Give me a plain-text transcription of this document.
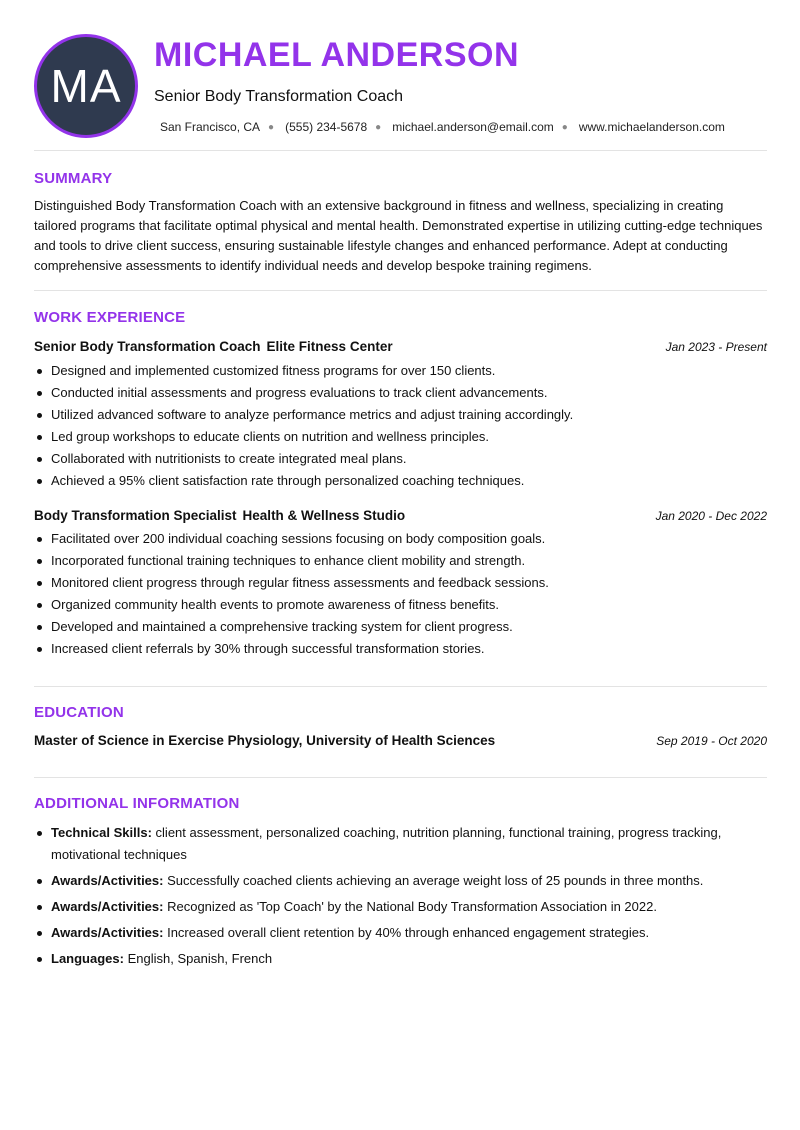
MA
MICHAEL ANDERSON
Senior Body Transformation Coach
San Francisco, CA ● (555) 234-5678 ● michael.anderson@email.com ● www.michaelanderson.com
SUMMARY

Distinguished Body Transformation Coach with an extensive background in fitness and wellness, specializing in creating tailored programs that facilitate optimal physical and mental health. Demonstrated expertise in utilizing cutting-edge techniques and tools to drive client success, ensuring sustainable lifestyle changes and enhanced performance. Adept at conducting comprehensive assessments to identify individual needs and develop bespoke training regimens.

WORK EXPERIENCE
Senior Body Transformation Coach Elite Fitness Center	Jan 2023 - Present
Designed and implemented customized fitness programs for over 150 clients.
Conducted initial assessments and progress evaluations to track client advancements.
Utilized advanced software to analyze performance metrics and adjust training accordingly.
Led group workshops to educate clients on nutrition and wellness principles.
Collaborated with nutritionists to create integrated meal plans.
Achieved a 95% client satisfaction rate through personalized coaching techniques.
Body Transformation Specialist Health & Wellness Studio	Jan 2020 - Dec 2022
Facilitated over 200 individual coaching sessions focusing on body composition goals.
Incorporated functional training techniques to enhance client mobility and strength.
Monitored client progress through regular fitness assessments and feedback sessions.
Organized community health events to promote awareness of fitness benefits.
Developed and maintained a comprehensive tracking system for client progress.
Increased client referrals by 30% through successful transformation stories.
EDUCATION
Master of Science in Exercise Physiology, University of Health Sciences	Sep 2019 - Oct 2020
ADDITIONAL INFORMATION
Technical Skills: client assessment, personalized coaching, nutrition planning, functional training, progress tracking, motivational techniques
Awards/Activities: Successfully coached clients achieving an average weight loss of 25 pounds in three months.
Awards/Activities: Recognized as 'Top Coach' by the National Body Transformation Association in 2022.
Awards/Activities: Increased overall client retention by 40% through enhanced engagement strategies.
Languages: English, Spanish, French
